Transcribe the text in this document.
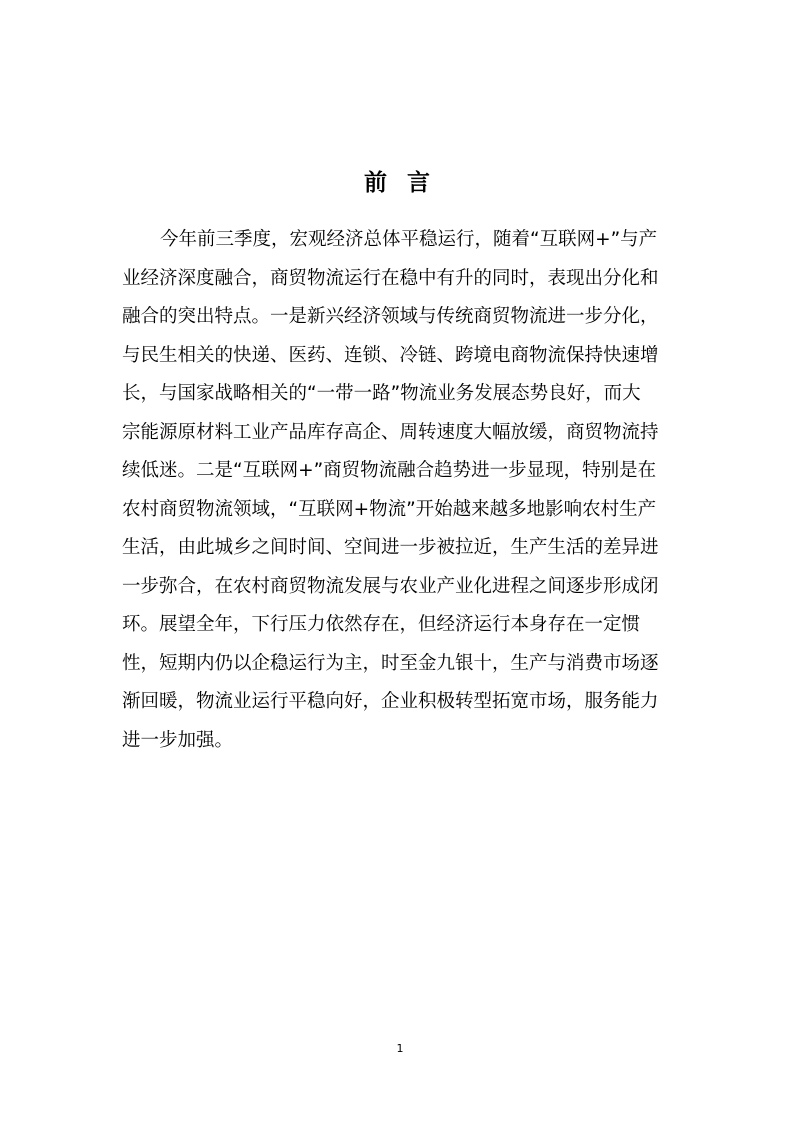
前 言
今年前三季度，宏观经济总体平稳运行，随着“互联网+”与产
业经济深度融合，商贸物流运行在稳中有升的同时，表现出分化和
融合的突出特点。一是新兴经济领域与传统商贸物流进一步分化，
与民生相关的快递、医药、连锁、冷链、跨境电商物流保持快速增
长，与国家战略相关的“一带一路”物流业务发展态势良好，而大
宗能源原材料工业产品库存高企、周转速度大幅放缓，商贸物流持
续低迷。二是“互联网+”商贸物流融合趋势进一步显现，特别是在
农村商贸物流领域，“互联网+物流”开始越来越多地影响农村生产
生活，由此城乡之间时间、空间进一步被拉近，生产生活的差异进
一步弥合，在农村商贸物流发展与农业产业化进程之间逐步形成闭
环。展望全年，下行压力依然存在，但经济运行本身存在一定惯
性，短期内仍以企稳运行为主，时至金九银十，生产与消费市场逐
渐回暖，物流业运行平稳向好，企业积极转型拓宽市场，服务能力
进一步加强。
1
